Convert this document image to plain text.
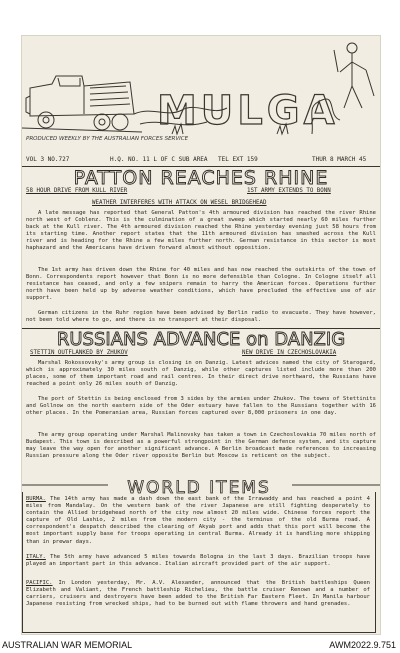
MULGA
PRODUCED WEEKLY BY THE AUSTRALIAN FORCES SERVICE
VOL 3 NO.727	H.Q. NO. 11 L OF C SUB AREA TEL EXT 159	THUR 8 MARCH 45
PATTON REACHES RHINE
58 HOUR DRIVE FROM KULL RIVER	1ST ARMY EXTENDS TO BONN
WEATHER INTERFERES WITH ATTACK ON WESEL BRIDGEHEAD

A late message has reported that General Patton's 4th armoured division has reached the river Rhine north west of Coblenz. This is the culmination of a great sweep which started nearly 60 miles further back at the Kull river. The 4th armoured division reached the Rhine yesterday evening just 58 hours from its starting time. Another report states that the 11th armoured division has smashed across the Kull river and is heading for the Rhine a few miles further north. German resistance in this sector is most haphazard and the Americans have driven forward almost without opposition.

The 1st army has driven down the Rhine for 40 miles and has now reached the outskirts of the town of Bonn. Correspondents report however that Bonn is no more defensible than Cologne. In Cologne itself all resistance has ceased, and only a few snipers remain to harry the American forces. Operations further north have been held up by adverse weather conditions, which have precluded the effective use of air support.

German citizens in the Ruhr region have been advised by Berlin radio to evacuate. They have however, not been told where to go, and there is no transport at their disposal.

RUSSIANS ADVANCE on DANZIG
STETTIN OUTFLANKED BY ZHUKOV	NEW DRIVE IN CZECHOSLOVAKIA

Marshal Rokossovsky's army group is closing in on Danzig. Latest advices named the city of Starogard, which is approximately 30 miles south of Danzig, while other captures listed include more than 200 places, some of them important road and rail centres. In their direct drive northward, the Russians have reached a point only 26 miles south of Danzig.

The port of Stettin is being enclosed from 3 sides by the armies under Zhukov. The towns of Stettinits and Gollnow on the north eastern side of the Oder estuary have fallen to the Russians together with 16 other places. In the Pomeranian area, Russian forces captured over 8,000 prisoners in one day.

The army group operating under Marshal Malinovsky has taken a town in Czechoslovakia 70 miles north of Budapest. This town is described as a powerful strongpoint in the German defence system, and its capture may leave the way open for another significant advance. A Berlin broadcast made references to increasing Russian pressure along the Oder river opposite Berlin but Moscow is reticent on the subject.

WORLD ITEMS

BURMA. The 14th army has made a dash down the east bank of the Irrawaddy and has reached a point 4 miles from Mandalay. On the western bank of the river Japanese are still fighting desperately to contain the Allied bridgehead north of the city now almost 20 miles wide. Chinese forces report the capture of Old Lashio, 2 miles from the modern city - the terminus of the old Burma road. A correspondent's despatch described the clearing of Akyab port and adds that this port will become the most important supply base for troops operating in central Burma. Already it is handling more shipping than in prewar days.

ITALY. The 5th army have advanced 5 miles towards Bologna in the last 3 days. Brazilian troops have played an important part in this advance. Italian aircraft provided part of the air support.

PACIFIC. In London yesterday, Mr. A.V. Alexander, announced that the British battleships Queen Elizabeth and Valiant, the French battleship Richelieu, the battle cruiser Renown and a number of carriers, cruisers and destroyers have been added to the British Far Eastern Fleet. In Manila harbour Japanese resisting from wrecked ships, had to be burned out with flame throwers and hand grenades.

AUSTRALIAN WAR MEMORIAL	AWM2022.9.751
